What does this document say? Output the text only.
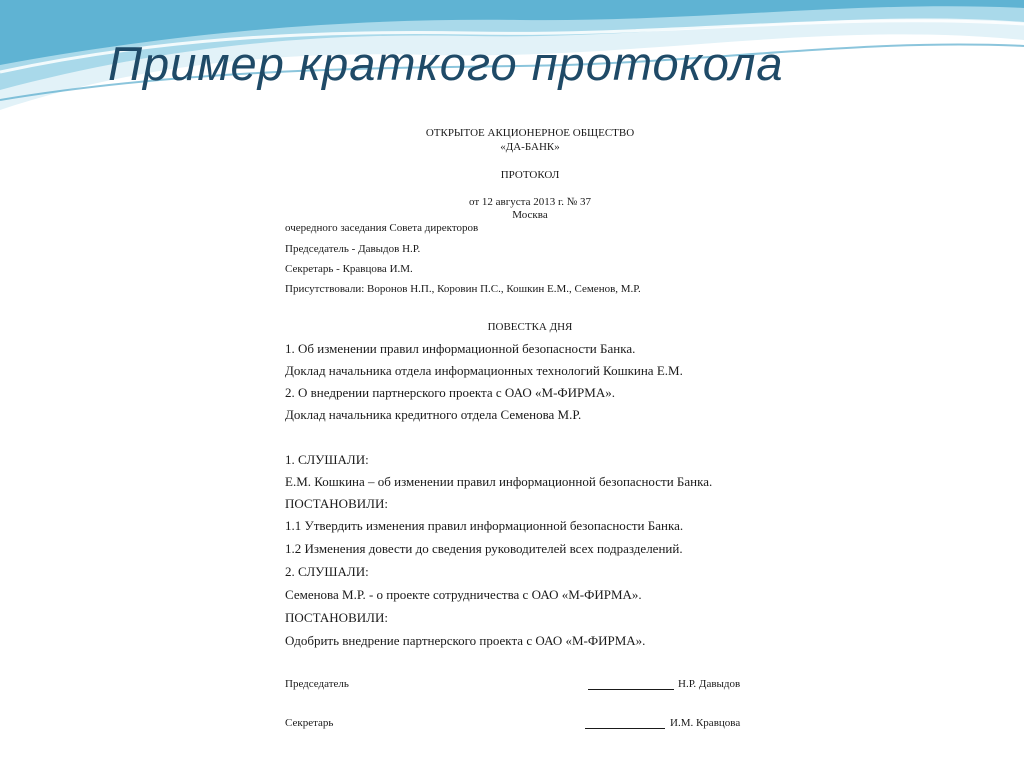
Пример краткого протокола
ОТКРЫТОЕ АКЦИОНЕРНОЕ ОБЩЕСТВО
«ДА-БАНК»
ПРОТОКОЛ
от 12 августа 2013 г. № 37
Москва
очередного заседания Совета директоров
Председатель - Давыдов Н.Р.
Секретарь - Кравцова И.М.
Присутствовали: Воронов Н.П., Коровин П.С., Кошкин Е.М., Семенов, М.Р.
ПОВЕСТКА ДНЯ
1. Об изменении правил информационной безопасности Банка.
Доклад начальника отдела информационных технологий Кошкина Е.М.
2. О внедрении партнерского проекта с ОАО «М-ФИРМА».
Доклад начальника кредитного отдела Семенова М.Р.
1. СЛУШАЛИ:
Е.М. Кошкина – об изменении правил информационной безопасности Банка.
ПОСТАНОВИЛИ:
1.1 Утвердить изменения правил информационной безопасности Банка.
1.2 Изменения довести до сведения руководителей всех подразделений.
2. СЛУШАЛИ:
Семенова М.Р. - о проекте сотрудничества с ОАО «М-ФИРМА».
ПОСТАНОВИЛИ:
Одобрить внедрение партнерского проекта с ОАО «М-ФИРМА».
Председатель	Н.Р. Давыдов
Секретарь	И.М. Кравцова
